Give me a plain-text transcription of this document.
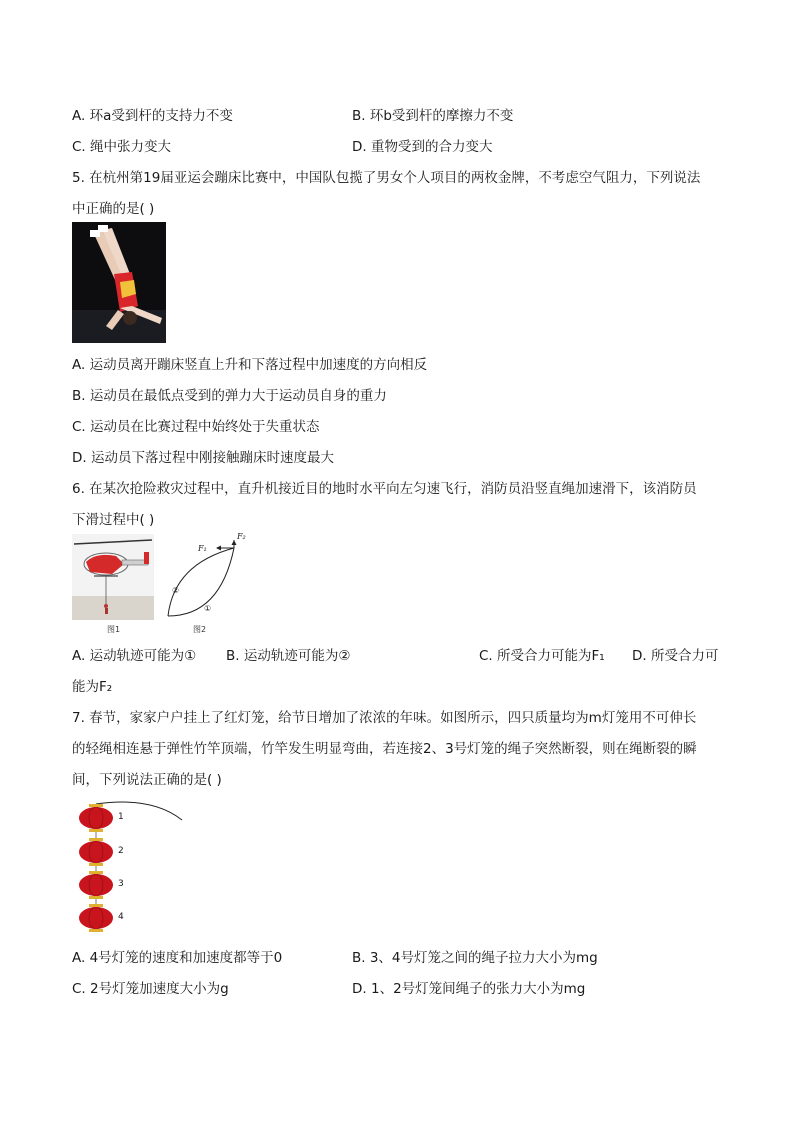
A. 环a受到杆的支持力不变	B. 环b受到杆的摩擦力不变
C. 绳中张力变大	D. 重物受到的合力变大
5. 在杭州第19届亚运会蹦床比赛中，中国队包揽了男女个人项目的两枚金牌，不考虑空气阻力，下列说法
中正确的是( )
A. 运动员离开蹦床竖直上升和下落过程中加速度的方向相反
B. 运动员在最低点受到的弹力大于运动员自身的重力
C. 运动员在比赛过程中始终处于失重状态
D. 运动员下落过程中刚接触蹦床时速度最大
6. 在某次抢险救灾过程中，直升机接近目的地时水平向左匀速飞行，消防员沿竖直绳加速滑下，该消防员
下滑过程中( )
图1
F₁
F₂
②
①
图2
A. 运动轨迹可能为① B. 运动轨迹可能为②	C. 所受合力可能为F₁ D. 所受合力可
能为F₂
7. 春节，家家户户挂上了红灯笼，给节日增加了浓浓的年味。如图所示，四只质量均为m灯笼用不可伸长
的轻绳相连悬于弹性竹竿顶端，竹竿发生明显弯曲，若连接2、3号灯笼的绳子突然断裂，则在绳断裂的瞬
间，下列说法正确的是( )
1
2
3
4
A. 4号灯笼的速度和加速度都等于0	B. 3、4号灯笼之间的绳子拉力大小为mg
C. 2号灯笼加速度大小为g	D. 1、2号灯笼间绳子的张力大小为mg
